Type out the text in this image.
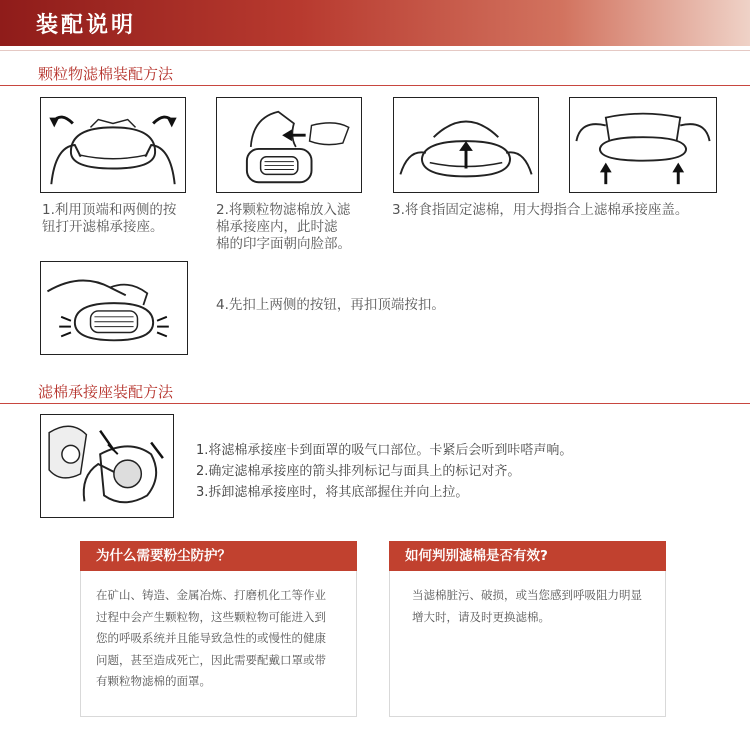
装配说明
颗粒物滤棉装配方法
1.利用顶端和两侧的按
钮打开滤棉承接座。
2.将颗粒物滤棉放入滤
棉承接座内，此时滤
棉的印字面朝向脸部。
3.将食指固定滤棉，用大拇指合上滤棉承接座盖。
4.先扣上两侧的按钮，再扣顶端按扣。
滤棉承接座装配方法
1.将滤棉承接座卡到面罩的吸气口部位。卡紧后会听到咔嗒声响。
2.确定滤棉承接座的箭头排列标记与面具上的标记对齐。
3.拆卸滤棉承接座时，将其底部握住并向上拉。
为什么需要粉尘防护？
在矿山、铸造、金属冶炼、打磨机化工等作业
过程中会产生颗粒物，这些颗粒物可能进入到
您的呼吸系统并且能导致急性的或慢性的健康
问题，甚至造成死亡，因此需要配戴口罩或带
有颗粒物滤棉的面罩。
如何判别滤棉是否有效?
当滤棉脏污、破损，或当您感到呼吸阻力明显
增大时，请及时更换滤棉。
